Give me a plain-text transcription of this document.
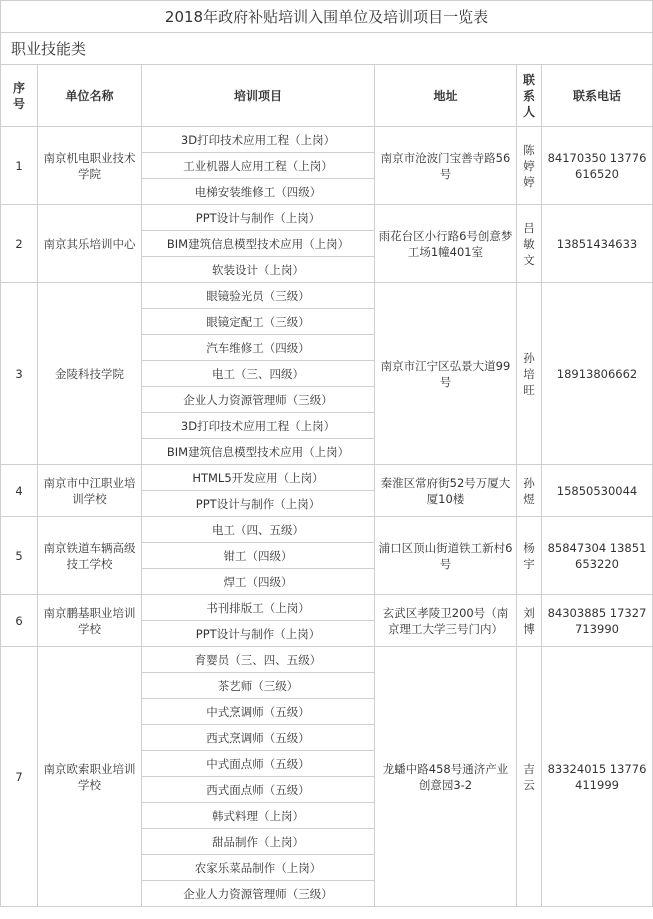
2018年政府补贴培训入围单位及培训项目一览表					
职业技能类					
序号	单位名称	培训项目	地址	联系人	联系电话
1	南京机电职业技术学院	3D打印技术应用工程（上岗）	南京市沧波门宝善寺路56号	陈婷婷	84170350 13776616520
		工业机器人应用工程（上岗）			
		电梯安装维修工（四级）			
2	南京其乐培训中心	PPT设计与制作（上岗）	雨花台区小行路6号创意梦工场1幢401室	吕敏文	13851434633
		BIM建筑信息模型技术应用（上岗）			
		软装设计（上岗）			
3	金陵科技学院	眼镜验光员（三级）	南京市江宁区弘景大道99号	孙培旺	18913806662
		眼镜定配工（三级）			
		汽车维修工（四级）			
		电工（三、四级）			
		企业人力资源管理师（三级）			
		3D打印技术应用工程（上岗）			
		BIM建筑信息模型技术应用（上岗）			
4	南京市中江职业培训学校	HTML5开发应用（上岗）	秦淮区常府街52号万厦大厦10楼	孙煜	15850530044
		PPT设计与制作（上岗）			
5	南京铁道车辆高级技工学校	电工（四、五级）	浦口区顶山街道铁工新村6号	杨宇	85847304 13851653220
		钳工（四级）			
		焊工（四级）			
6	南京鹏基职业培训学校	书刊排版工（上岗）	玄武区孝陵卫200号（南京理工大学三号门内）	刘博	84303885 17327713990
		PPT设计与制作（上岗）			
7	南京欧索职业培训学校	育婴员（三、四、五级）	龙蟠中路458号通济产业创意园3-2	吉云	83324015 13776411999
		茶艺师（三级）			
		中式烹调师（五级）			
		西式烹调师（五级）			
		中式面点师（五级）			
		西式面点师（五级）			
		韩式料理（上岗）			
		甜品制作（上岗）			
		农家乐菜品制作（上岗）			
		企业人力资源管理师（三级）			
